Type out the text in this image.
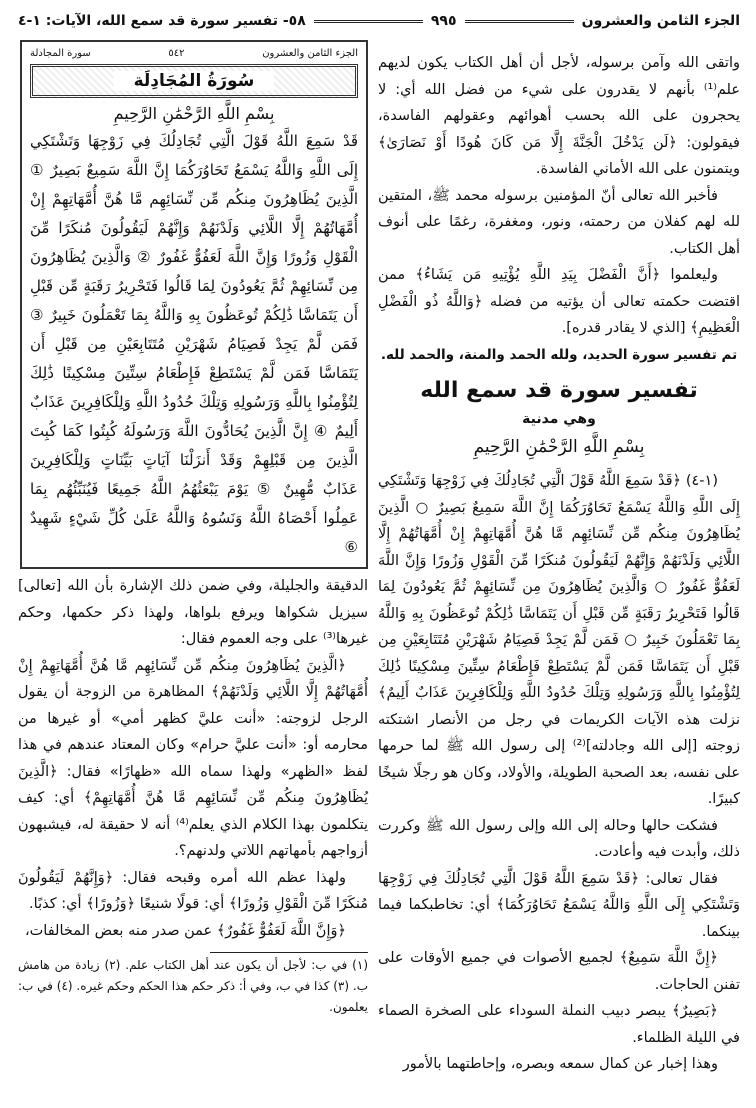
الجزء الثامن والعشرون
٩٩٥
٥٨- تفسير سورة قد سمع الله، الآيات: ١-٤

واتقى الله وآمن برسوله، لأجل أن أهل الكتاب يكون لديهم علم⁽¹⁾ بأنهم لا يقدرون على شيء من فضل الله أي: لا يحجرون على الله بحسب أهوائهم وعقولهم الفاسدة، فيقولون: ﴿لَن يَدْخُلَ الْجَنَّةَ إِلَّا مَن كَانَ هُودًا أَوْ نَصَارَىٰ﴾ ويتمنون على الله الأماني الفاسدة.

فأخبر الله تعالى أنّ المؤمنين برسوله محمد ﷺ، المتقين لله لهم كفلان من رحمته، ونور، ومغفرة، رغمًا على أنوف أهل الكتاب.

وليعلموا ﴿أَنَّ الْفَضْلَ بِيَدِ اللَّهِ يُؤْتِيهِ مَن يَشَاءُ﴾ ممن اقتضت حكمته تعالى أن يؤتيه من فضله ﴿وَاللَّهُ ذُو الْفَضْلِ الْعَظِيمِ﴾ [الذي لا يقادر قدره].

تم تفسير سورة الحديد، ولله الحمد والمنة، والحمد لله.

تفسير سورة قد سمع الله
وهي مدنية
بِسْمِ اللَّهِ الرَّحْمَٰنِ الرَّحِيمِ

(١-٤) ﴿قَدْ سَمِعَ اللَّهُ قَوْلَ الَّتِي تُجَادِلُكَ فِي زَوْجِهَا وَتَشْتَكِي إِلَى اللَّهِ وَاللَّهُ يَسْمَعُ تَحَاوُرَكُمَا إِنَّ اللَّهَ سَمِيعٌ بَصِيرٌ ○ الَّذِينَ يُظَاهِرُونَ مِنكُم مِّن نِّسَائِهِم مَّا هُنَّ أُمَّهَاتِهِمْ إِنْ أُمَّهَاتُهُمْ إِلَّا اللَّائِي وَلَدْنَهُمْ وَإِنَّهُمْ لَيَقُولُونَ مُنكَرًا مِّنَ الْقَوْلِ وَزُورًا وَإِنَّ اللَّهَ لَعَفُوٌّ غَفُورٌ ○ وَالَّذِينَ يُظَاهِرُونَ مِن نِّسَائِهِمْ ثُمَّ يَعُودُونَ لِمَا قَالُوا فَتَحْرِيرُ رَقَبَةٍ مِّن قَبْلِ أَن يَتَمَاسَّا ذَٰلِكُمْ تُوعَظُونَ بِهِ وَاللَّهُ بِمَا تَعْمَلُونَ خَبِيرٌ ○ فَمَن لَّمْ يَجِدْ فَصِيَامُ شَهْرَيْنِ مُتَتَابِعَيْنِ مِن قَبْلِ أَن يَتَمَاسَّا فَمَن لَّمْ يَسْتَطِعْ فَإِطْعَامُ سِتِّينَ مِسْكِينًا ذَٰلِكَ لِتُؤْمِنُوا بِاللَّهِ وَرَسُولِهِ وَتِلْكَ حُدُودُ اللَّهِ وَلِلْكَافِرِينَ عَذَابٌ أَلِيمٌ﴾ نزلت هذه الآيات الكريمات في رجل من الأنصار اشتكته زوجته [إلى الله وجادلته]⁽²⁾ إلى رسول الله ﷺ لما حرمها على نفسه، بعد الصحبة الطويلة، والأولاد، وكان هو رجلًا شيخًا كبيرًا.

فشكت حالها وحاله إلى الله وإلى رسول الله ﷺ وكررت ذلك، وأبدت فيه وأعادت.

فقال تعالى: ﴿قَدْ سَمِعَ اللَّهُ قَوْلَ الَّتِي تُجَادِلُكَ فِي زَوْجِهَا وَتَشْتَكِي إِلَى اللَّهِ وَاللَّهُ يَسْمَعُ تَحَاوُرَكُمَا﴾ أي: تخاطبكما فيما بينكما.

﴿إِنَّ اللَّهَ سَمِيعٌ﴾ لجميع الأصوات في جميع الأوقات على تفنن الحاجات.

﴿بَصِيرٌ﴾ يبصر دبيب النملة السوداء على الصخرة الصماء في الليلة الظلماء.

وهذا إخبار عن كمال سمعه وبصره، وإحاطتهما بالأمور

الجزء الثامن والعشرون
٥٤٢
سورة المجادلة
سُورَةُ المُجَادِلَة
بِسْمِ اللَّهِ الرَّحْمَٰنِ الرَّحِيمِ
قَدْ سَمِعَ اللَّهُ قَوْلَ الَّتِي تُجَادِلُكَ فِي زَوْجِهَا وَتَشْتَكِي إِلَى اللَّهِ وَاللَّهُ يَسْمَعُ تَحَاوُرَكُمَا إِنَّ اللَّهَ سَمِيعٌ بَصِيرٌ ① الَّذِينَ يُظَاهِرُونَ مِنكُم مِّن نِّسَائِهِم مَّا هُنَّ أُمَّهَاتِهِمْ إِنْ أُمَّهَاتُهُمْ إِلَّا اللَّائِي وَلَدْنَهُمْ وَإِنَّهُمْ لَيَقُولُونَ مُنكَرًا مِّنَ الْقَوْلِ وَزُورًا وَإِنَّ اللَّهَ لَعَفُوٌّ غَفُورٌ ② وَالَّذِينَ يُظَاهِرُونَ مِن نِّسَائِهِمْ ثُمَّ يَعُودُونَ لِمَا قَالُوا فَتَحْرِيرُ رَقَبَةٍ مِّن قَبْلِ أَن يَتَمَاسَّا ذَٰلِكُمْ تُوعَظُونَ بِهِ وَاللَّهُ بِمَا تَعْمَلُونَ خَبِيرٌ ③ فَمَن لَّمْ يَجِدْ فَصِيَامُ شَهْرَيْنِ مُتَتَابِعَيْنِ مِن قَبْلِ أَن يَتَمَاسَّا فَمَن لَّمْ يَسْتَطِعْ فَإِطْعَامُ سِتِّينَ مِسْكِينًا ذَٰلِكَ لِتُؤْمِنُوا بِاللَّهِ وَرَسُولِهِ وَتِلْكَ حُدُودُ اللَّهِ وَلِلْكَافِرِينَ عَذَابٌ أَلِيمٌ ④ إِنَّ الَّذِينَ يُحَادُّونَ اللَّهَ وَرَسُولَهُ كُبِتُوا كَمَا كُبِتَ الَّذِينَ مِن قَبْلِهِمْ وَقَدْ أَنزَلْنَا آيَاتٍ بَيِّنَاتٍ وَلِلْكَافِرِينَ عَذَابٌ مُّهِينٌ ⑤ يَوْمَ يَبْعَثُهُمُ اللَّهُ جَمِيعًا فَيُنَبِّئُهُم بِمَا عَمِلُوا أَحْصَاهُ اللَّهُ وَنَسُوهُ وَاللَّهُ عَلَىٰ كُلِّ شَيْءٍ شَهِيدٌ ⑥

الدقيقة والجليلة، وفي ضمن ذلك الإشارة بأن الله [تعالى] سيزيل شكواها ويرفع بلواها، ولهذا ذكر حكمها، وحكم غيرها⁽³⁾ على وجه العموم فقال:

﴿الَّذِينَ يُظَاهِرُونَ مِنكُم مِّن نِّسَائِهِم مَّا هُنَّ أُمَّهَاتِهِمْ إِنْ أُمَّهَاتُهُمْ إِلَّا اللَّائِي وَلَدْنَهُمْ﴾ المظاهرة من الزوجة أن يقول الرجل لزوجته: «أنت عليَّ كظهر أمي» أو غيرها من محارمه أو: «أنت عليَّ حرام» وكان المعتاد عندهم في هذا لفظ «الظهر» ولهذا سماه الله «ظهارًا» فقال: ﴿الَّذِينَ يُظَاهِرُونَ مِنكُم مِّن نِّسَائِهِم مَّا هُنَّ أُمَّهَاتِهِمْ﴾ أي: كيف يتكلمون بهذا الكلام الذي يعلم⁽⁴⁾ أنه لا حقيقة له، فيشبهون أزواجهم بأمهاتهم اللاتي ولدنهم؟.

ولهذا عظم الله أمره وقبحه فقال: ﴿وَإِنَّهُمْ لَيَقُولُونَ مُنكَرًا مِّنَ الْقَوْلِ وَزُورًا﴾ أي: قولًا شنيعًا ﴿وَزُورًا﴾ أي: كذبًا.

﴿وَإِنَّ اللَّهَ لَعَفُوٌّ غَفُورٌ﴾ عمن صدر منه بعض المخالفات،

(١) في ب: لأجل أن يكون عند أهل الكتاب علم. (٢) زيادة من هامش ب. (٣) كذا في ب، وفي أ: ذكر حكم هذا الحكم وحكم غيره. (٤) في ب: يعلمون.
